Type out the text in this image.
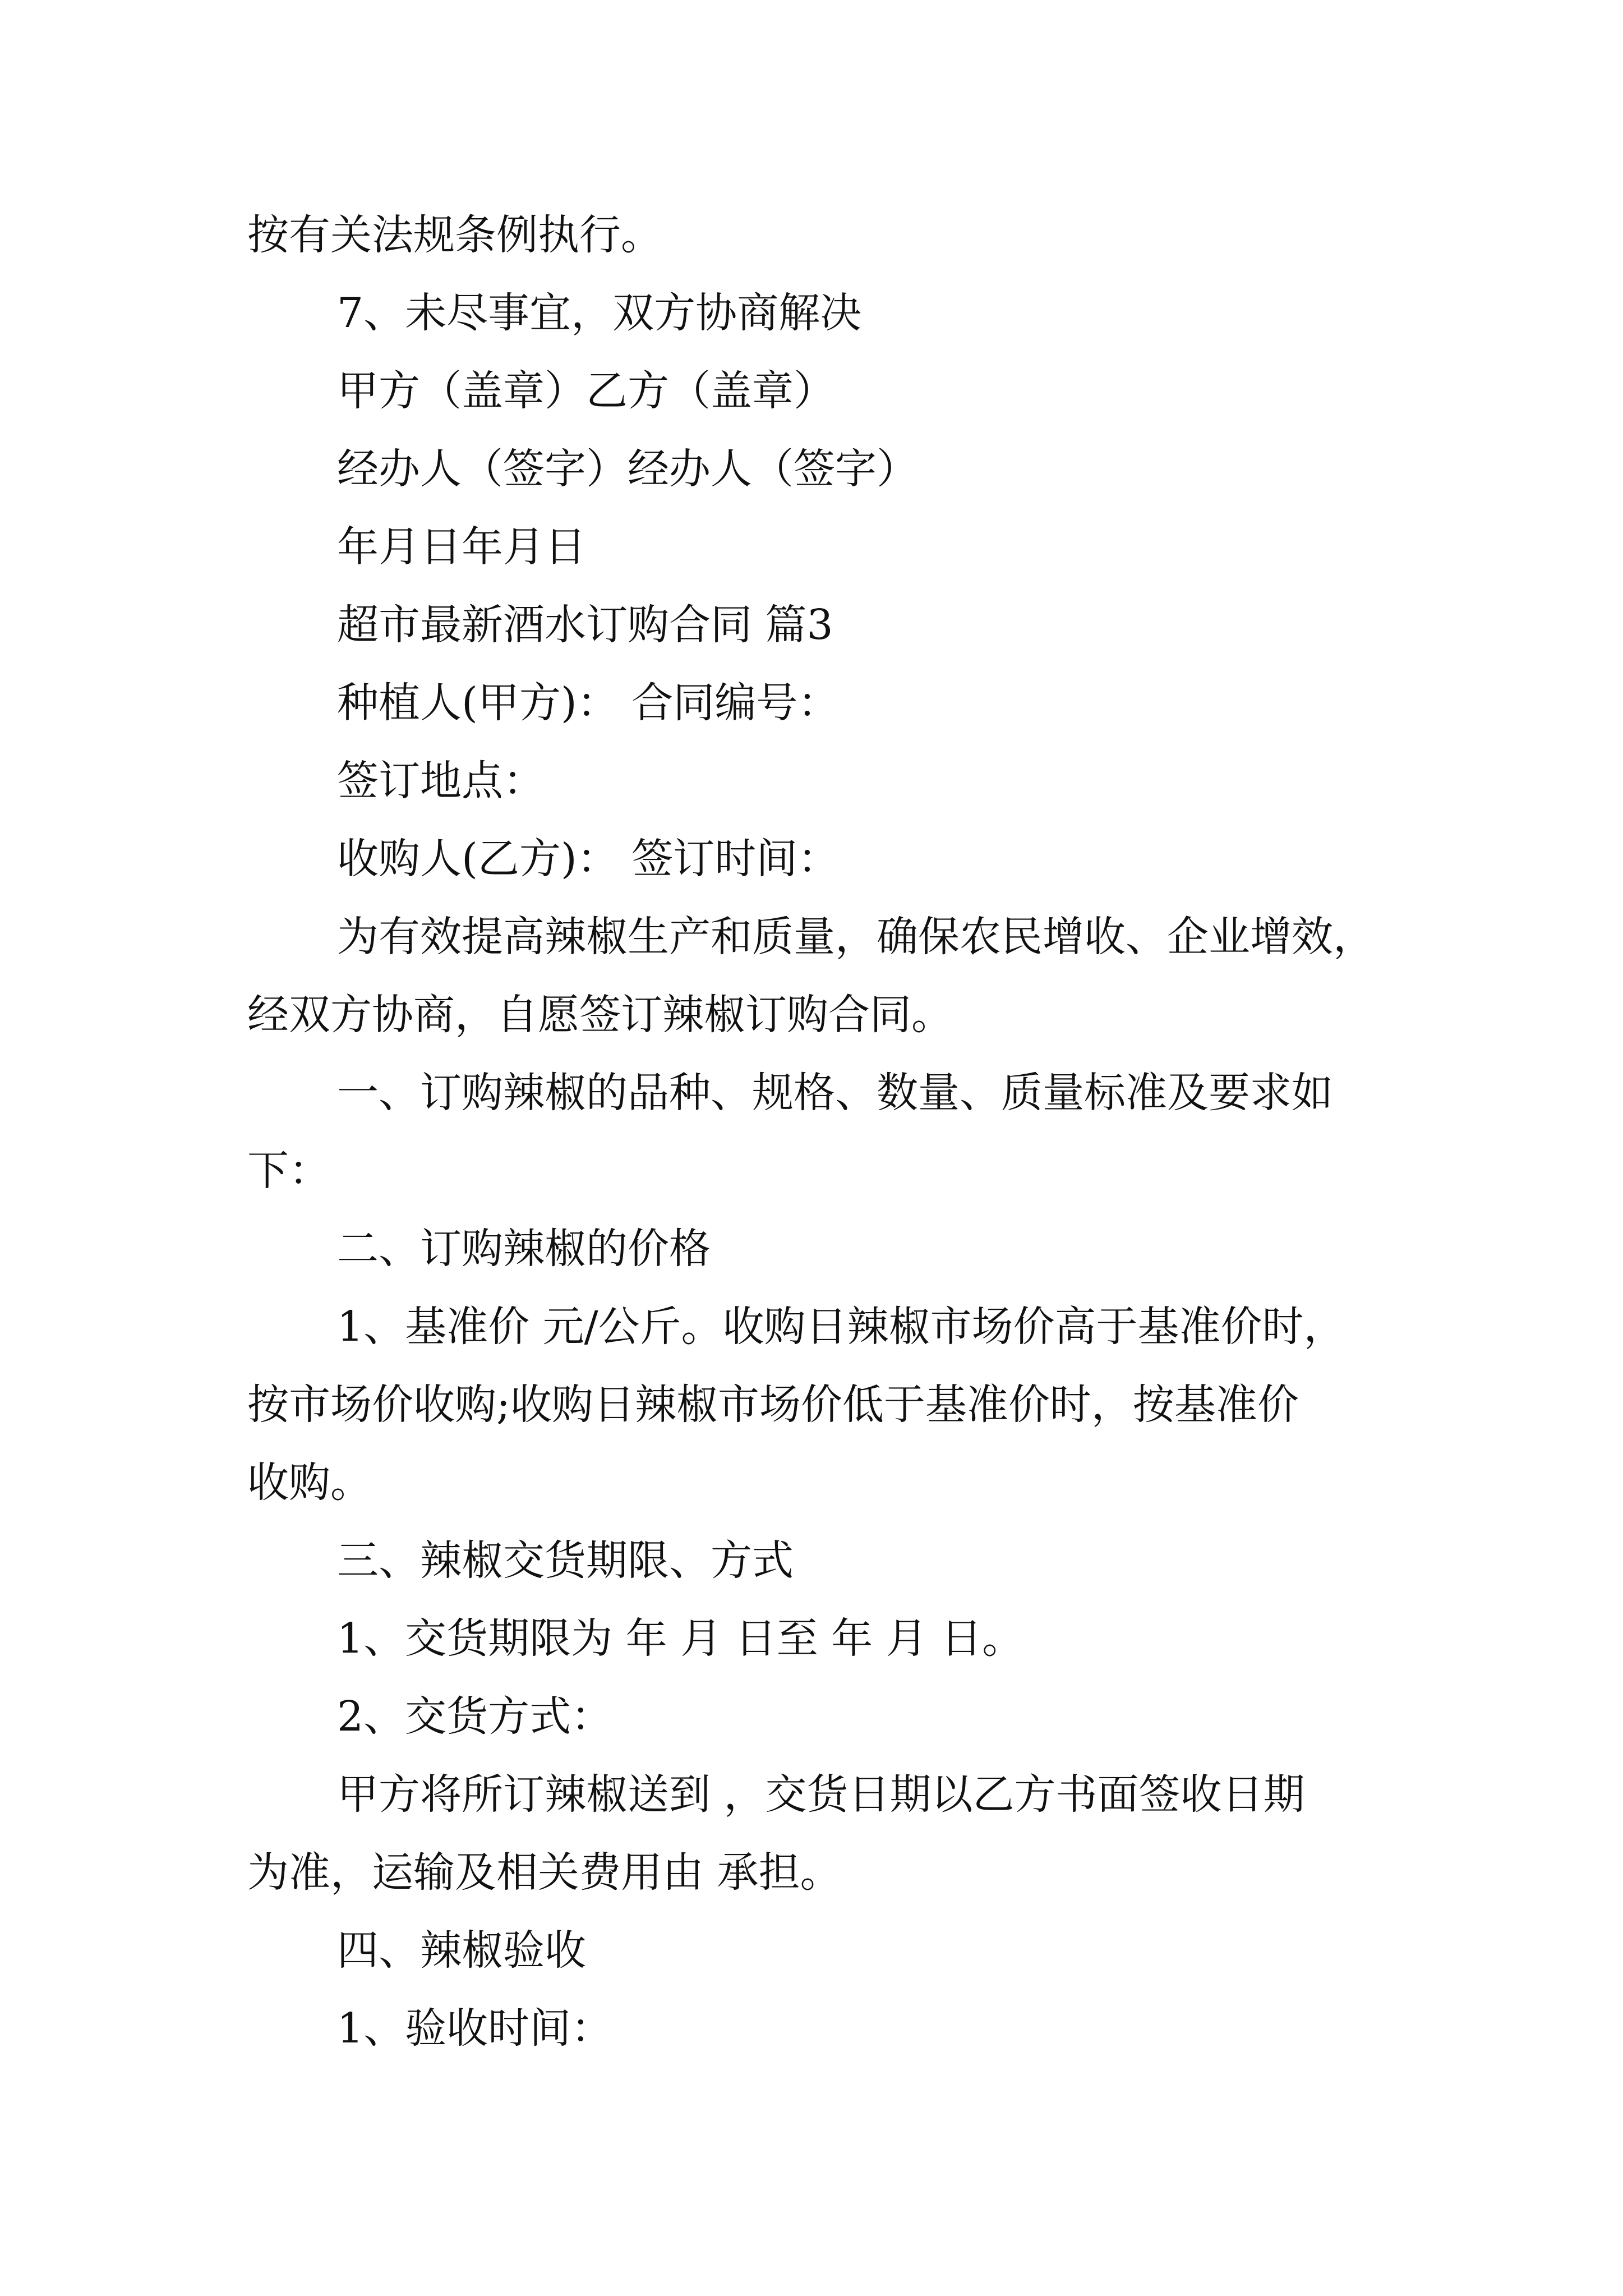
按有关法规条例执行。

7、未尽事宜，双方协商解决

甲方（盖章）乙方（盖章）

经办人（签字）经办人（签字）

年月日年月日

超市最新酒水订购合同 篇3

种植人(甲方)： 合同编号：

签订地点：

收购人(乙方)： 签订时间：

为有效提高辣椒生产和质量，确保农民增收、企业增效，

经双方协商，自愿签订辣椒订购合同。

一、订购辣椒的品种、规格、数量、质量标准及要求如

下：

二、订购辣椒的价格

1、基准价 元/公斤。收购日辣椒市场价高于基准价时，

按市场价收购;收购日辣椒市场价低于基准价时，按基准价

收购。

三、辣椒交货期限、方式

1、交货期限为 年 月 日至 年 月 日。

2、交货方式：

甲方将所订辣椒送到 ，交货日期以乙方书面签收日期

为准，运输及相关费用由 承担。

四、辣椒验收

1、验收时间：
